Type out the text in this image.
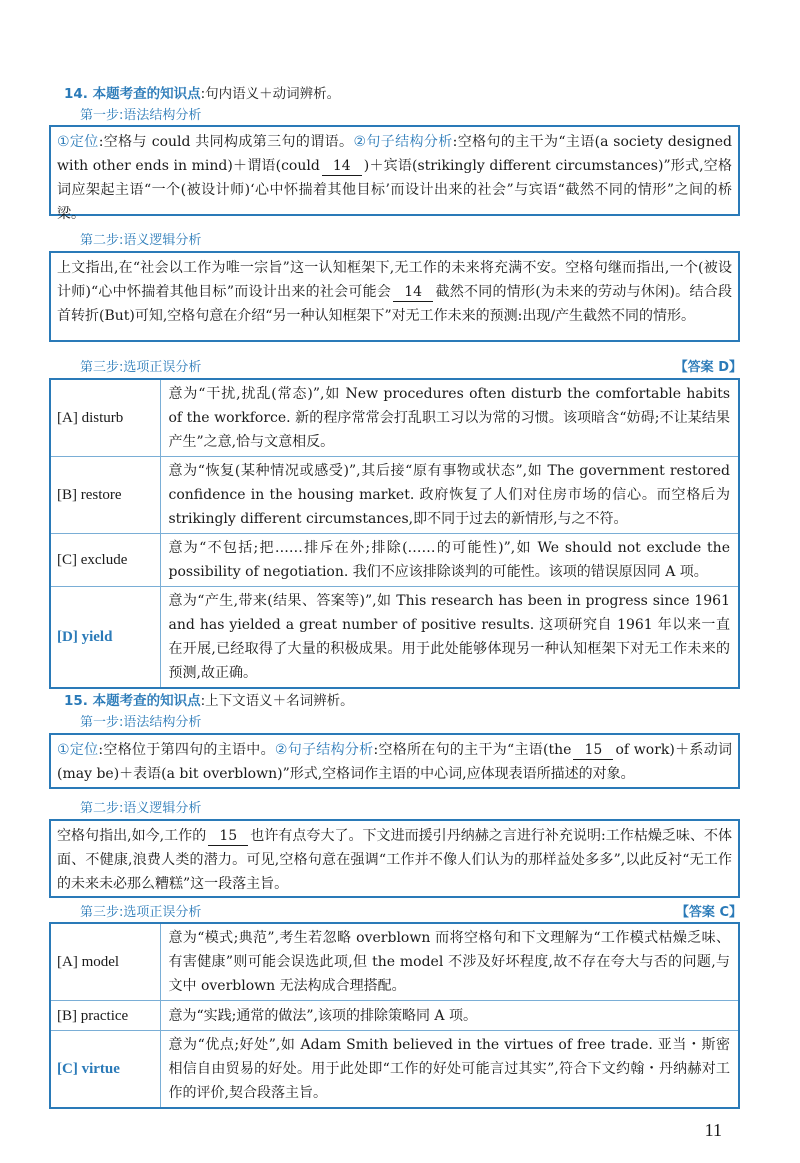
14. 本题考查的知识点:句内语义＋动词辨析。
第一步:语法结构分析
①定位:空格与 could 共同构成第三句的谓语。②句子结构分析:空格句的主干为“主语(a society designed with other ends in mind)＋谓语(could 14 )＋宾语(strikingly different circumstances)”形式,空格词应架起主语“一个(被设计师)‘心中怀揣着其他目标’而设计出来的社会”与宾语“截然不同的情形”之间的桥梁。
第二步:语义逻辑分析
上文指出,在“社会以工作为唯一宗旨”这一认知框架下,无工作的未来将充满不安。空格句继而指出,一个(被设计师)“心中怀揣着其他目标”而设计出来的社会可能会 14 截然不同的情形(为未来的劳动与休闲)。结合段首转折(But)可知,空格句意在介绍“另一种认知框架下”对无工作未来的预测:出现/产生截然不同的情形。
第三步:选项正误分析	【答案 D】
[A] disturb	意为“干扰,扰乱(常态)”,如 New procedures often disturb the comfortable habits of the workforce. 新的程序常常会打乱职工习以为常的习惯。该项暗含“妨碍;不让某结果产生”之意,恰与文意相反。
[B] restore	意为“恢复(某种情况或感受)”,其后接“原有事物或状态”,如 The government restored confidence in the housing market. 政府恢复了人们对住房市场的信心。而空格后为 strikingly different circumstances,即不同于过去的新情形,与之不符。
[C] exclude	意为“不包括;把……排斥在外;排除(……的可能性)”,如 We should not exclude the possibility of negotiation. 我们不应该排除谈判的可能性。该项的错误原因同 A 项。
[D] yield	意为“产生,带来(结果、答案等)”,如 This research has been in progress since 1961 and has yielded a great number of positive results. 这项研究自 1961 年以来一直在开展,已经取得了大量的积极成果。用于此处能够体现另一种认知框架下对无工作未来的预测,故正确。
15. 本题考查的知识点:上下文语义＋名词辨析。
第一步:语法结构分析
①定位:空格位于第四句的主语中。②句子结构分析:空格所在句的主干为“主语(the 15 of work)＋系动词(may be)＋表语(a bit overblown)”形式,空格词作主语的中心词,应体现表语所描述的对象。
第二步:语义逻辑分析
空格句指出,如今,工作的 15 也许有点夸大了。下文进而援引丹纳赫之言进行补充说明:工作枯燥乏味、不体面、不健康,浪费人类的潜力。可见,空格句意在强调“工作并不像人们认为的那样益处多多”,以此反衬“无工作的未来未必那么糟糕”这一段落主旨。
第三步:选项正误分析	【答案 C】
[A] model	意为“模式;典范”,考生若忽略 overblown 而将空格句和下文理解为“工作模式枯燥乏味、有害健康”则可能会误选此项,但 the model 不涉及好坏程度,故不存在夸大与否的问题,与文中 overblown 无法构成合理搭配。
[B] practice	意为“实践;通常的做法”,该项的排除策略同 A 项。
[C] virtue	意为“优点;好处”,如 Adam Smith believed in the virtues of free trade. 亚当・斯密相信自由贸易的好处。用于此处即“工作的好处可能言过其实”,符合下文约翰・丹纳赫对工作的评价,契合段落主旨。
11
